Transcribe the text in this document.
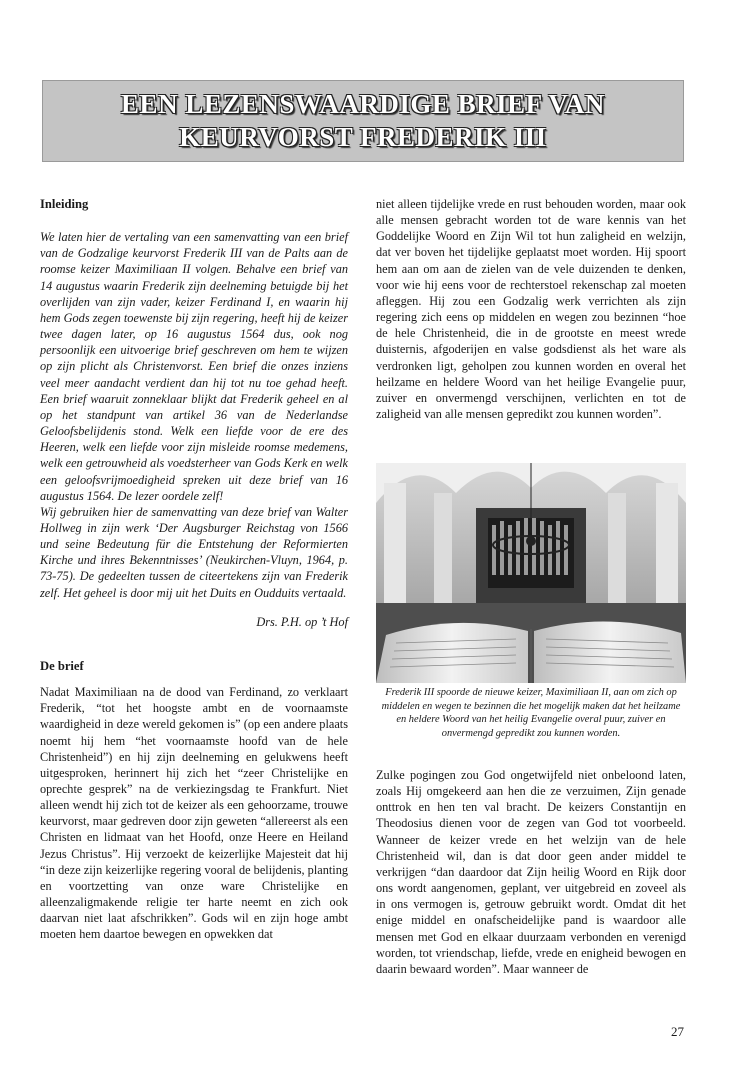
EEN LEZENSWAARDIGE BRIEF VAN
KEURVORST FREDERIK III
Inleiding

We laten hier de vertaling van een samenvatting van een brief van de Godzalige keurvorst Frederik III van de Palts aan de roomse keizer Maximiliaan II volgen. Behalve een brief van 14 augustus waarin Frederik zijn deelneming betuigde bij het overlijden van zijn vader, keizer Ferdinand I, en waarin hij hem Gods zegen toewenste bij zijn regering, heeft hij de keizer twee dagen later, op 16 augustus 1564 dus, ook nog persoonlijk een uitvoerige brief geschreven om hem te wijzen op zijn plicht als Christenvorst. Een brief die onzes inziens veel meer aandacht verdient dan hij tot nu toe gehad heeft. Een brief waaruit zonneklaar blijkt dat Frederik geheel en al op het standpunt van artikel 36 van de Nederlandse Geloofsbelijdenis stond. Welk een liefde voor de ere des Heeren, welk een liefde voor zijn misleide roomse medemens, welk een getrouwheid als voedsterheer van Gods Kerk en welk een geloofsvrijmoedigheid spreken uit deze brief van 16 augustus 1564. De lezer oordele zelf!

Wij gebruiken hier de samenvatting van deze brief van Walter Hollweg in zijn werk ‘Der Augsburger Reichstag von 1566 und seine Bedeutung für die Entstehung der Reformierten Kirche und ihres Bekenntnisses’ (Neukirchen-Vluyn, 1964, p. 73-75). De gedeelten tussen de citeertekens zijn van Frederik zelf. Het geheel is door mij uit het Duits en Oudduits vertaald.

Drs. P.H. op ’t Hof

De brief

Nadat Maximiliaan na de dood van Ferdinand, zo verklaart Frederik, “tot het hoogste ambt en de voornaamste waardigheid in deze wereld gekomen is” (op een andere plaats noemt hij hem “het voornaamste hoofd van de hele Christenheid”) en hij zijn deelneming en gelukwens heeft uitgesproken, herinnert hij zich het “zeer Christelijke en oprechte gesprek” na de verkiezingsdag te Frankfurt. Niet alleen wendt hij zich tot de keizer als een gehoorzame, trouwe keurvorst, maar gedreven door zijn geweten “allereerst als een Christen en lidmaat van het Hoofd, onze Heere en Heiland Jezus Christus”. Hij verzoekt de keizerlijke Majesteit dat hij “in deze zijn keizerlijke regering vooral de belijdenis, planting en voortzetting van onze ware Christelijke en alleenzaligmakende religie ter harte neemt en zich ook daarvan niet laat afschrikken”. Gods wil en zijn hoge ambt moeten hem daartoe bewegen en opwekken dat

niet alleen tijdelijke vrede en rust behouden worden, maar ook alle mensen gebracht worden tot de ware kennis van het Goddelijke Woord en Zijn Wil tot hun zaligheid en welzijn, dat ver boven het tijdelijke geplaatst moet worden. Hij spoort hem aan om aan de zielen van de vele duizenden te denken, voor wie hij eens voor de rechterstoel rekenschap zal moeten afleggen. Hij zou een Godzalig werk verrichten als zijn regering zich eens op middelen en wegen zou bezinnen “hoe de hele Christenheid, die in de grootste en meest wrede duisternis, afgoderijen en valse godsdienst als het ware als verdronken ligt, geholpen zou kunnen worden en overal het heilzame en heldere Woord van het heilige Evangelie puur, zuiver en onvermengd verschijnen, verlichten en tot de zaligheid van alle mensen gepredikt zou kunnen worden”.

Frederik III spoorde de nieuwe keizer, Maximiliaan II, aan om zich op middelen en wegen te bezinnen die het mogelijk maken dat het heilzame en heldere Woord van het heilig Evangelie overal puur, zuiver en onvermengd gepredikt zou kunnen worden.

Zulke pogingen zou God ongetwijfeld niet onbeloond laten, zoals Hij omgekeerd aan hen die ze verzuimen, Zijn genade onttrok en hen ten val bracht. De keizers Constantijn en Theodosius dienen voor de zegen van God tot voorbeeld. Wanneer de keizer vrede en het welzijn van de hele Christenheid wil, dan is dat door geen ander middel te verkrijgen “dan daardoor dat Zijn heilig Woord en Rijk door ons wordt aangenomen, geplant, ver uitgebreid en zoveel als in ons vermogen is, getrouw gebruikt wordt. Omdat dit het enige middel en onafscheidelijke pand is waardoor alle mensen met God en elkaar duurzaam verbonden en verenigd worden, tot vriendschap, liefde, vrede en enigheid bewogen en daarin bewaard worden”. Maar wanneer de

27
